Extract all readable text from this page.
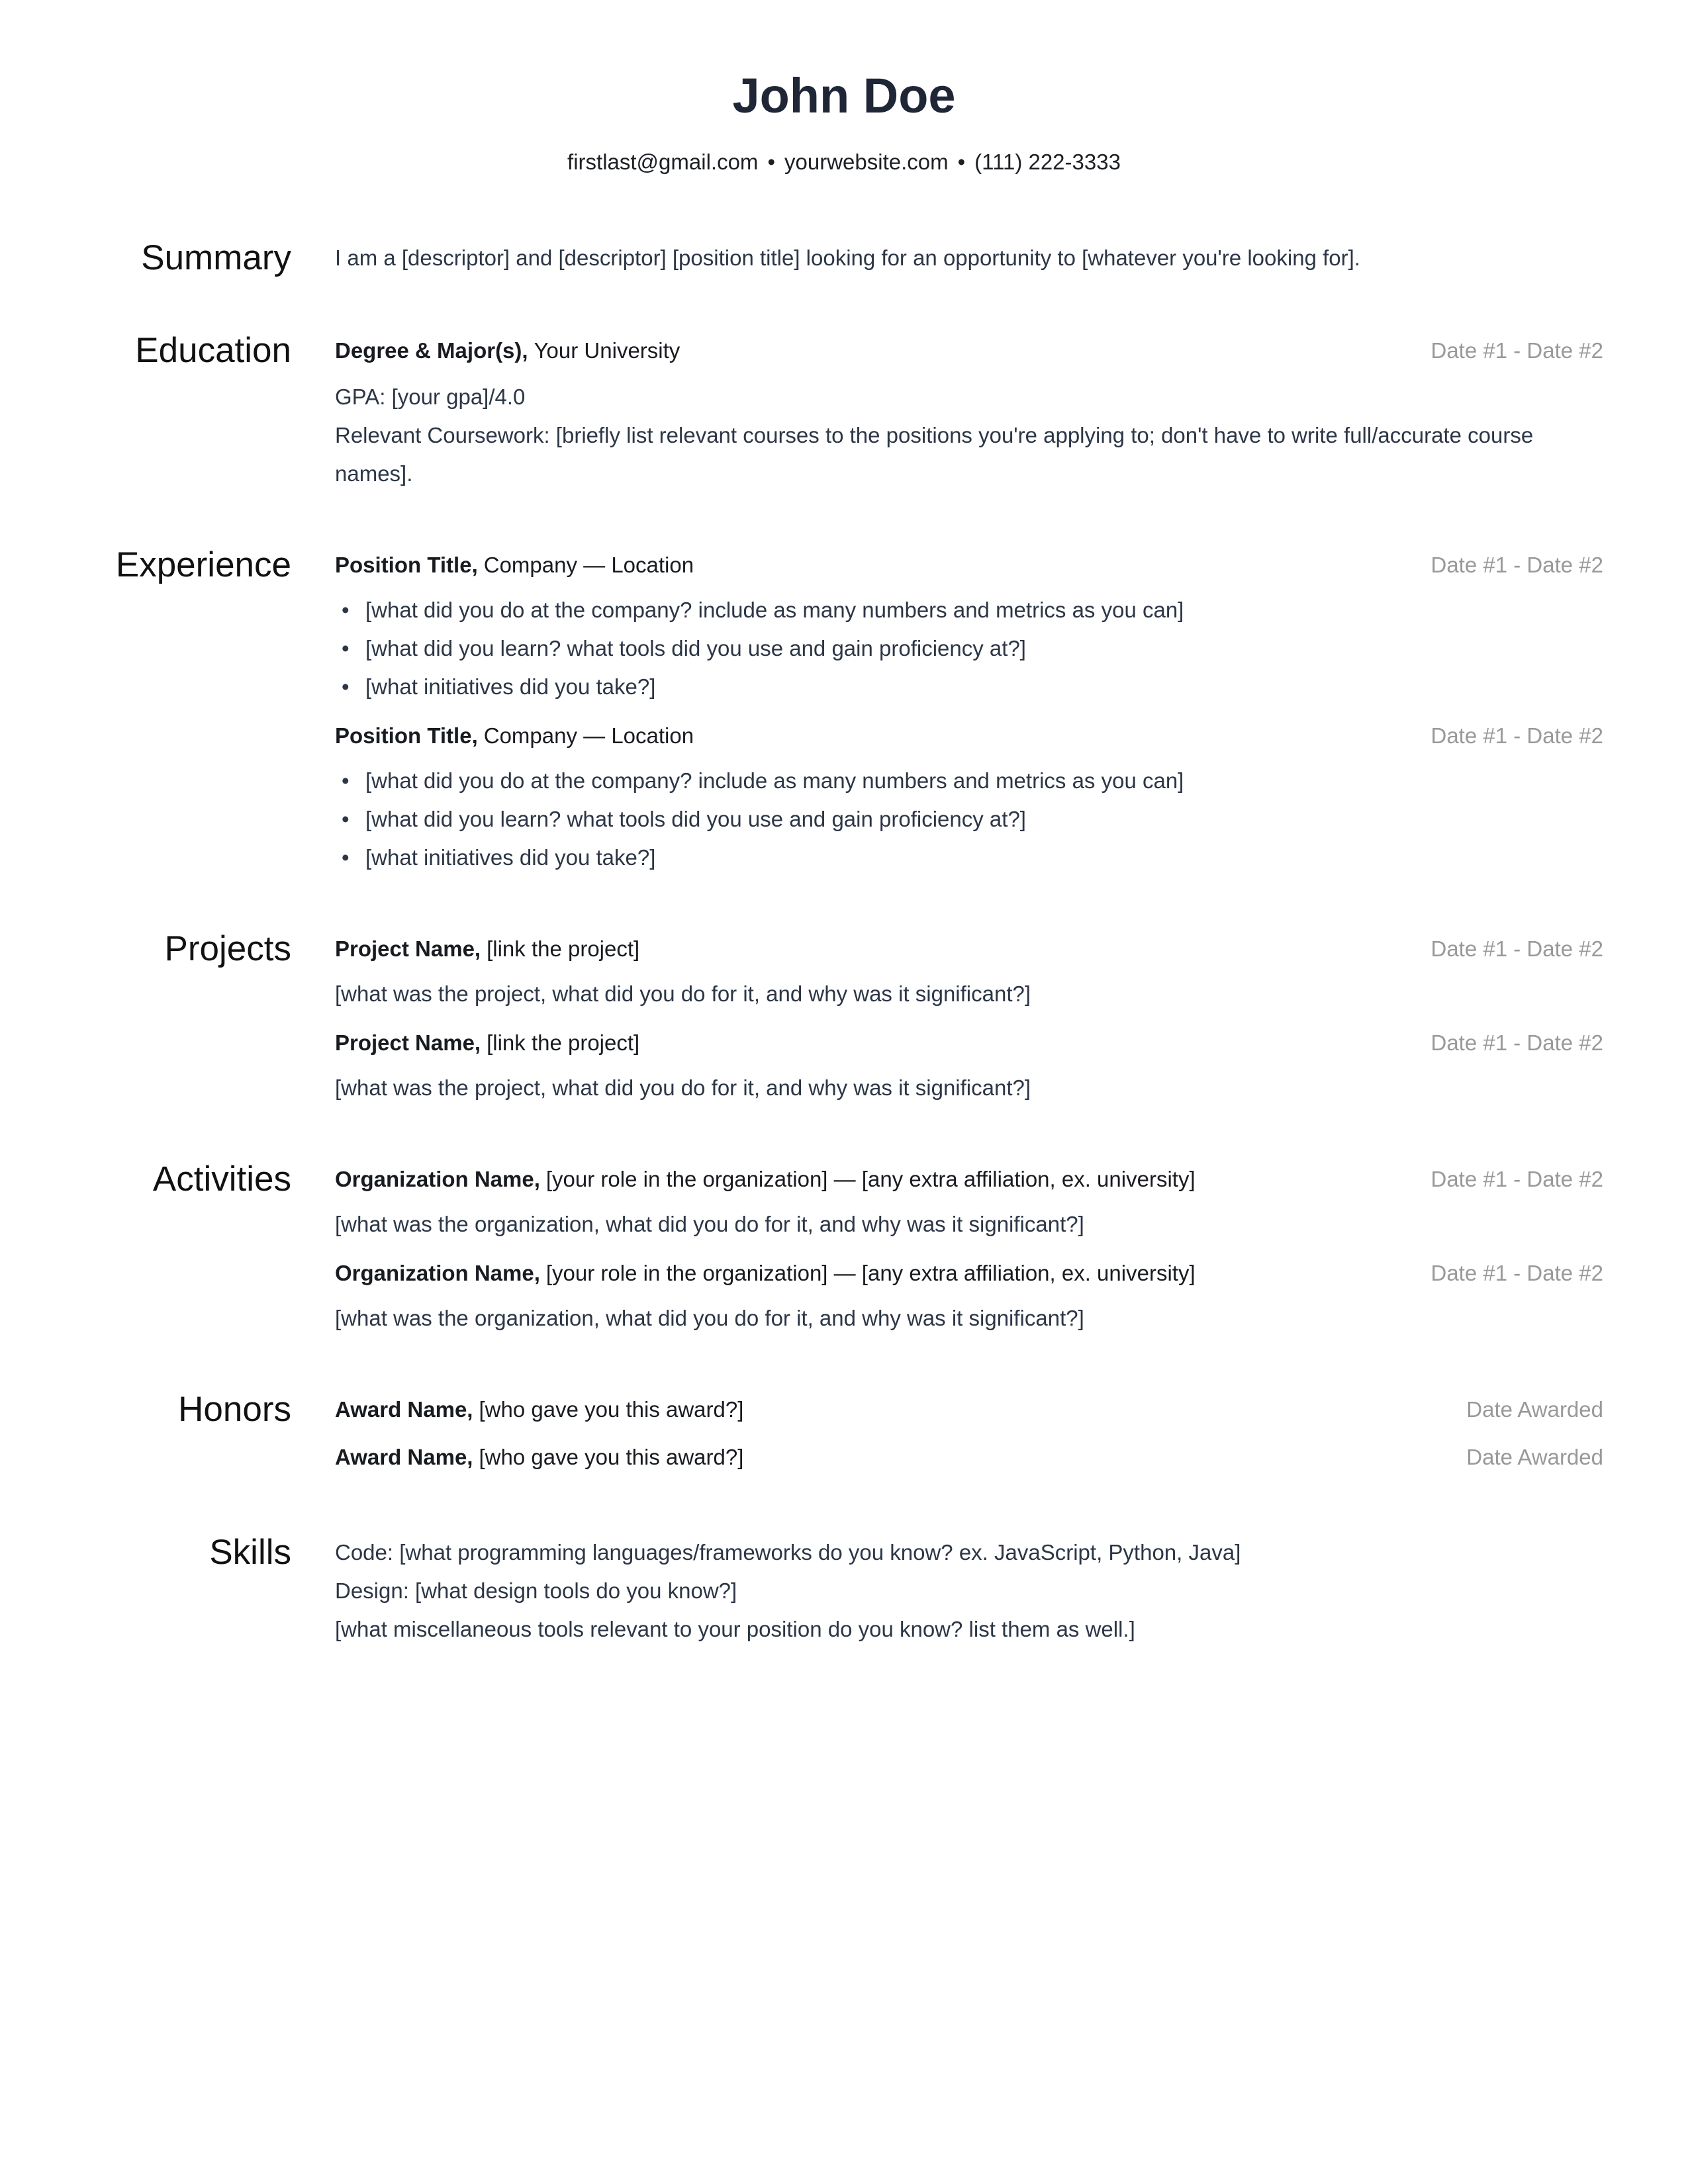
John Doe
firstlast@gmail.com • yourwebsite.com • (111) 222-3333
Summary I am a [descriptor] and [descriptor] [position title] looking for an opportunity to [whatever you're looking for].

Education Degree & Major(s), Your University	Date #1 - Date #2

GPA: [your gpa]/4.0

Relevant Coursework: [briefly list relevant courses to the positions you're applying to; don't have to write full/accurate course names].

Experience Position Title, Company — Location	Date #1 - Date #2
• [what did you do at the company? include as many numbers and metrics as you can]
• [what did you learn? what tools did you use and gain proficiency at?]
• [what initiatives did you take?]

Position Title, Company — Location	Date #1 - Date #2
• [what did you do at the company? include as many numbers and metrics as you can]
• [what did you learn? what tools did you use and gain proficiency at?]
• [what initiatives did you take?]
Projects Project Name, [link the project]	Date #1 - Date #2

[what was the project, what did you do for it, and why was it significant?]

Project Name, [link the project]	Date #1 - Date #2

[what was the project, what did you do for it, and why was it significant?]

Activities Organization Name, [your role in the organization] — [any extra affiliation, ex. university]	Date #1 - Date #2

[what was the organization, what did you do for it, and why was it significant?]

Organization Name, [your role in the organization] — [any extra affiliation, ex. university]	Date #1 - Date #2

[what was the organization, what did you do for it, and why was it significant?]

Honors Award Name, [who gave you this award?]	Date Awarded

Award Name, [who gave you this award?]	Date Awarded
Skills Code: [what programming languages/frameworks do you know? ex. JavaScript, Python, Java]

Design: [what design tools do you know?]

[what miscellaneous tools relevant to your position do you know? list them as well.]
